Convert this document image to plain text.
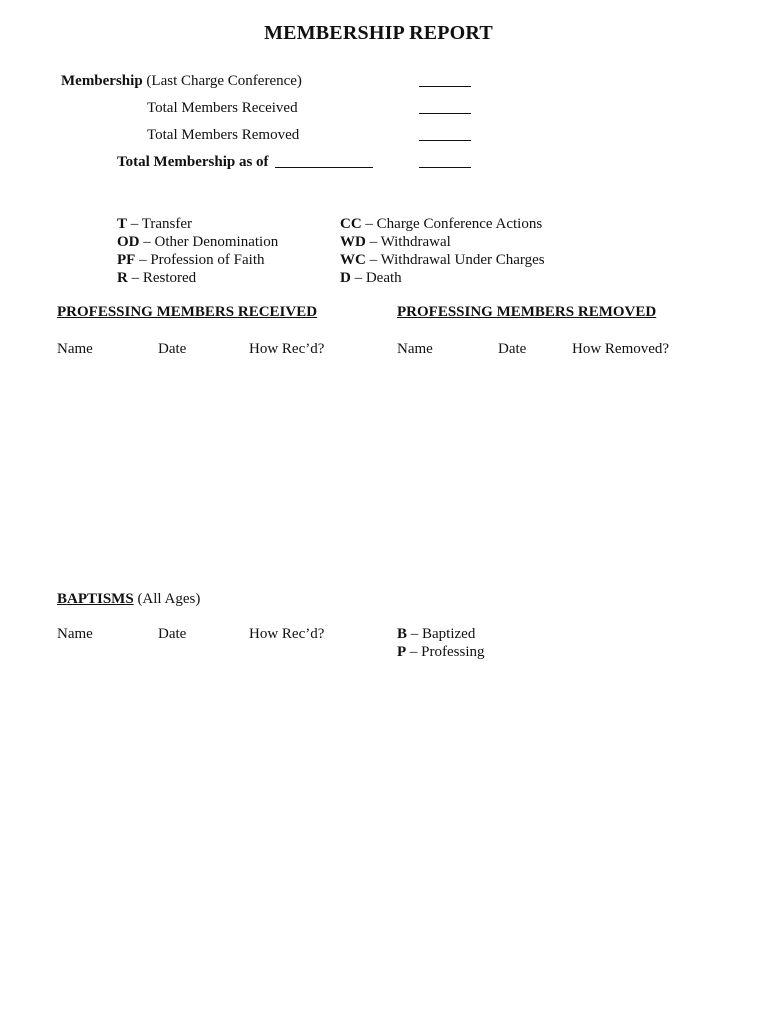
MEMBERSHIP REPORT
Membership (Last Charge Conference)
Total Members Received
Total Members Removed
Total Membership as of
T – Transfer
OD – Other Denomination
PF – Profession of Faith
R – Restored
CC – Charge Conference Actions
WD – Withdrawal
WC – Withdrawal Under Charges
D – Death
PROFESSING MEMBERS RECEIVED	PROFESSING MEMBERS REMOVED
Name	Date	How Rec’d?	Name	Date	How Removed?
BAPTISMS (All Ages)
Name	Date	How Rec’d?	B – Baptized
P – Professing
